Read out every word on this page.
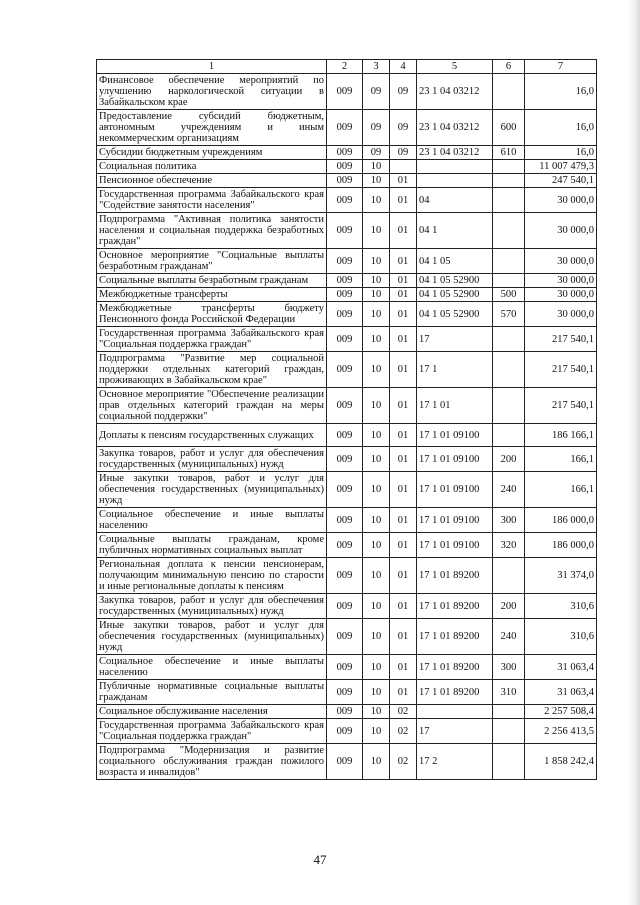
1	2	3	4	5	6	7
Финансовое обеспечение мероприятий по улучшению наркологической ситуации в Забайкальском крае	009	09	09	23 1 04 03212		16,0
Предоставление субсидий бюджетным, автономным учреждениям и иным некоммерческим организациям	009	09	09	23 1 04 03212	600	16,0
Субсидии бюджетным учреждениям	009	09	09	23 1 04 03212	610	16,0
Социальная политика	009	10				11 007 479,3
Пенсионное обеспечение	009	10	01			247 540,1
Государственная программа Забайкальского края "Содействие занятости населения"	009	10	01	04		30 000,0
Подпрограмма "Активная политика занятости населения и социальная поддержка безработных граждан"	009	10	01	04 1		30 000,0
Основное мероприятие "Социальные выплаты безработным гражданам"	009	10	01	04 1 05		30 000,0
Социальные выплаты безработным гражданам	009	10	01	04 1 05 52900		30 000,0
Межбюджетные трансферты	009	10	01	04 1 05 52900	500	30 000,0
Межбюджетные трансферты бюджету Пенсионного фонда Российской Федерации	009	10	01	04 1 05 52900	570	30 000,0
Государственная программа Забайкальского края "Социальная поддержка граждан"	009	10	01	17		217 540,1
Подпрограмма "Развитие мер социальной поддержки отдельных категорий граждан, проживающих в Забайкальском крае"	009	10	01	17 1		217 540,1
Основное мероприятие "Обеспечение реализации прав отдельных категорий граждан на меры социальной поддержки"	009	10	01	17 1 01		217 540,1
Доплаты к пенсиям государственных служащих	009	10	01	17 1 01 09100		186 166,1
Закупка товаров, работ и услуг для обеспечения государственных (муниципальных) нужд	009	10	01	17 1 01 09100	200	166,1
Иные закупки товаров, работ и услуг для обеспечения государственных (муниципальных) нужд	009	10	01	17 1 01 09100	240	166,1
Социальное обеспечение и иные выплаты населению	009	10	01	17 1 01 09100	300	186 000,0
Социальные выплаты гражданам, кроме публичных нормативных социальных выплат	009	10	01	17 1 01 09100	320	186 000,0
Региональная доплата к пенсии пенсионерам, получающим минимальную пенсию по старости и иные региональные доплаты к пенсиям	009	10	01	17 1 01 89200		31 374,0
Закупка товаров, работ и услуг для обеспечения государственных (муниципальных) нужд	009	10	01	17 1 01 89200	200	310,6
Иные закупки товаров, работ и услуг для обеспечения государственных (муниципальных) нужд	009	10	01	17 1 01 89200	240	310,6
Социальное обеспечение и иные выплаты населению	009	10	01	17 1 01 89200	300	31 063,4
Публичные нормативные социальные выплаты гражданам	009	10	01	17 1 01 89200	310	31 063,4
Социальное обслуживание населения	009	10	02			2 257 508,4
Государственная программа Забайкальского края "Социальная поддержка граждан"	009	10	02	17		2 256 413,5
Подпрограмма "Модернизация и развитие социального обслуживания граждан пожилого возраста и инвалидов"	009	10	02	17 2		1 858 242,4
47
